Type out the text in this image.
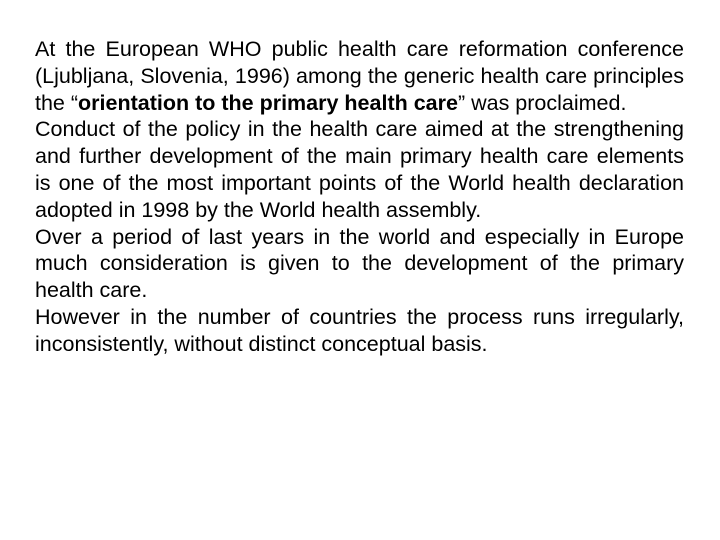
At the European WHO public health care reformation conference (Ljubljana, Slovenia, 1996) among the generic health care principles the “orientation to the primary health care” was proclaimed.

Conduct of the policy in the health care aimed at the strengthening and further development of the main primary health care elements is one of the most important points of the World health declaration adopted in 1998 by the World health assembly.

Over a period of last years in the world and especially in Europe much consideration is given to the development of the primary health care.

However in the number of countries the process runs irregularly, inconsistently, without distinct conceptual basis.
